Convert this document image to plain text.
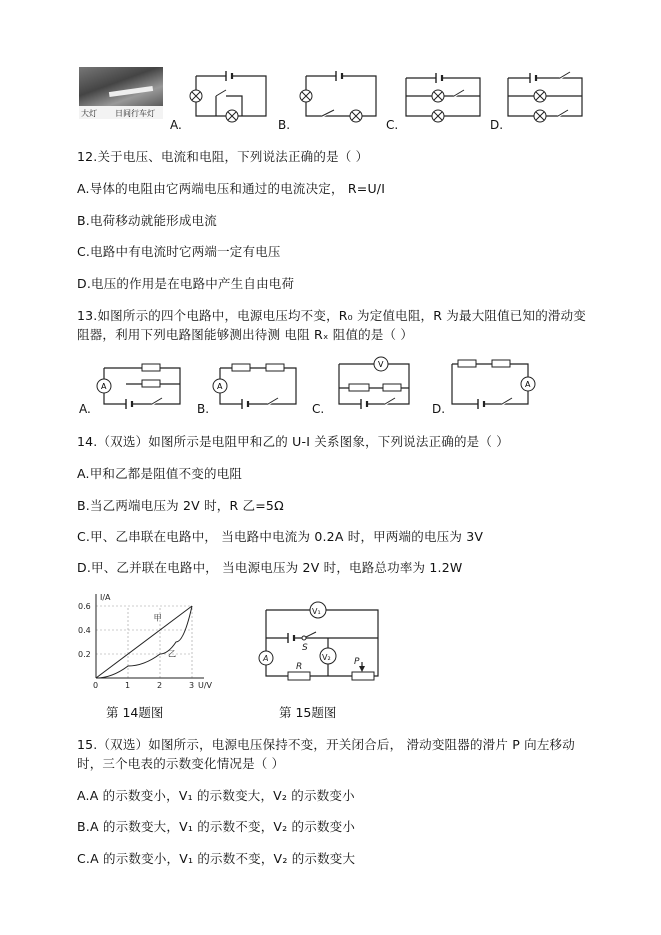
大灯 日间行车灯
A.	B.	C.	D.
12.关于电压、电流和电阻，下列说法正确的是（ ）
A.导体的电阻由它两端电压和通过的电流决定， R=U/I
B.电荷移动就能形成电流
C.电路中有电流时它两端一定有电压
D.电压的作用是在电路中产生自由电荷
13.如图所示的四个电路中，电源电压均不变，R₀ 为定值电阻，R 为最大阻值已知的滑动变
阻器，利用下列电路图能够测出待测 电阻 Rₓ 阻值的是（ ）
A.	B.	C.	D.
A	A
V
A
14.（双选）如图所示是电阻甲和乙的 U-I 关系图象，下列说法正确的是（ ）
A.甲和乙都是阻值不变的电阻
B.当乙两端电压为 2V 时，R 乙=5Ω
C.甲、乙串联在电路中， 当电路中电流为 0.2A 时，甲两端的电压为 3V
D.甲、乙并联在电路中， 当电源电压为 2V 时，电路总功率为 1.2W
0	1	2	3
0.2
0.4
0.6
U/V
I/A
甲
乙
V₁
A	V₂
S
R	P
第 14题图	第 15题图
15.（双选）如图所示，电源电压保持不变，开关闭合后， 滑动变阻器的滑片 P 向左移动
时，三个电表的示数变化情况是（ ）
A.A 的示数变小，V₁ 的示数变大，V₂ 的示数变小
B.A 的示数变大，V₁ 的示数不变，V₂ 的示数变小
C.A 的示数变小，V₁ 的示数不变，V₂ 的示数变大
